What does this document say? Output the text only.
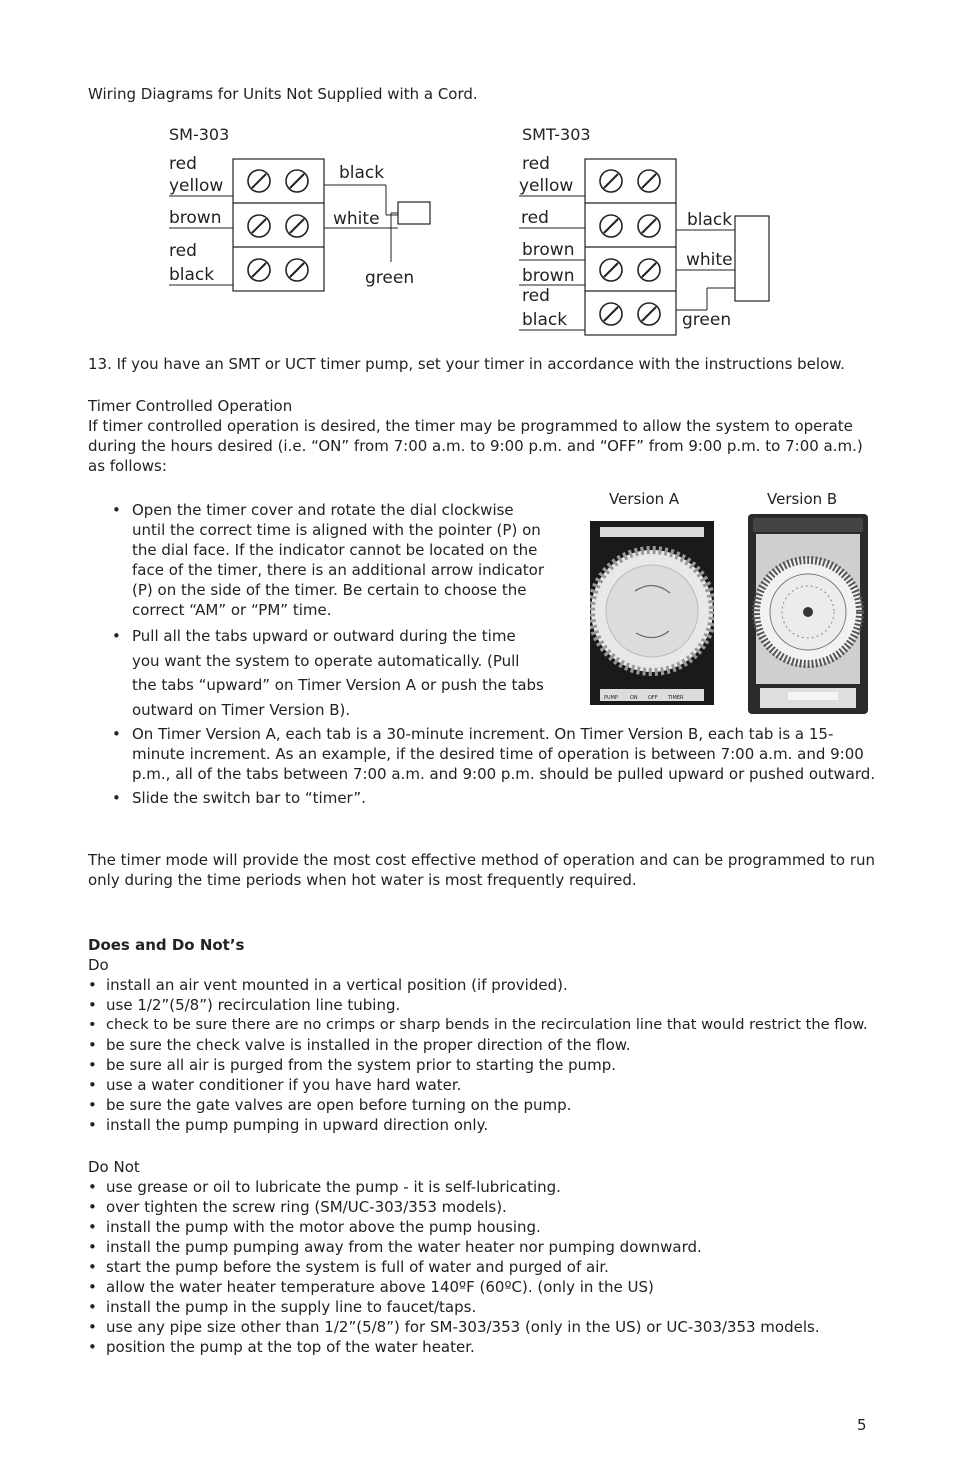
Wiring Diagrams for Units Not Supplied with a Cord.

SM-303
red
yellow
brown
red
black
black
white
green
SMT-303
red
yellow
red
brown
brown
red
black
black
white
green

13. If you have an SMT or UCT timer pump, set your timer in accordance with the instructions below.

Timer Controlled Operation

If timer controlled operation is desired, the timer may be programmed to allow the system to operate during the hours desired (i.e. “ON” from 7:00 a.m. to 9:00 p.m. and “OFF” from 9:00 p.m. to 7:00 a.m.) as follows:

• Open the timer cover and rotate the dial clockwise until the correct time is aligned with the pointer (P) on the dial face. If the indicator cannot be located on the face of the timer, there is an additional arrow indicator (P) on the side of the timer. Be certain to choose the correct “AM” or “PM” time.
• Pull all the tabs upward or outward during the time you want the system to operate automatically. (Pull the tabs “upward” on Timer Version A or push the tabs outward on Timer Version B).
• On Timer Version A, each tab is a 30-minute increment. On Timer Version B, each tab is a 15-minute increment. As an example, if the desired time of operation is between 7:00 a.m. and 9:00 p.m., all of the tabs between 7:00 a.m. and 9:00 p.m. should be pulled upward or pushed outward.
• Slide the switch bar to “timer”.
Version A	Version B
PUMP ON OFF TIMER

The timer mode will provide the most cost effective method of operation and can be programmed to run only during the time periods when hot water is most frequently required.

Does and Do Not’s

Do

• install an air vent mounted in a vertical position (if provided).
• use 1/2”(5/8”) recirculation line tubing.
• check to be sure there are no crimps or sharp bends in the recirculation line that would restrict the flow.
• be sure the check valve is installed in the proper direction of the flow.
• be sure all air is purged from the system prior to starting the pump.
• use a water conditioner if you have hard water.
• be sure the gate valves are open before turning on the pump.
• install the pump pumping in upward direction only.

Do Not

• use grease or oil to lubricate the pump - it is self-lubricating.
• over tighten the screw ring (SM/UC-303/353 models).
• install the pump with the motor above the pump housing.
• install the pump pumping away from the water heater nor pumping downward.
• start the pump before the system is full of water and purged of air.
• allow the water heater temperature above 140ºF (60ºC). (only in the US)
• install the pump in the supply line to faucet/taps.
• use any pipe size other than 1/2”(5/8”) for SM-303/353 (only in the US) or UC-303/353 models.
• position the pump at the top of the water heater.
5
